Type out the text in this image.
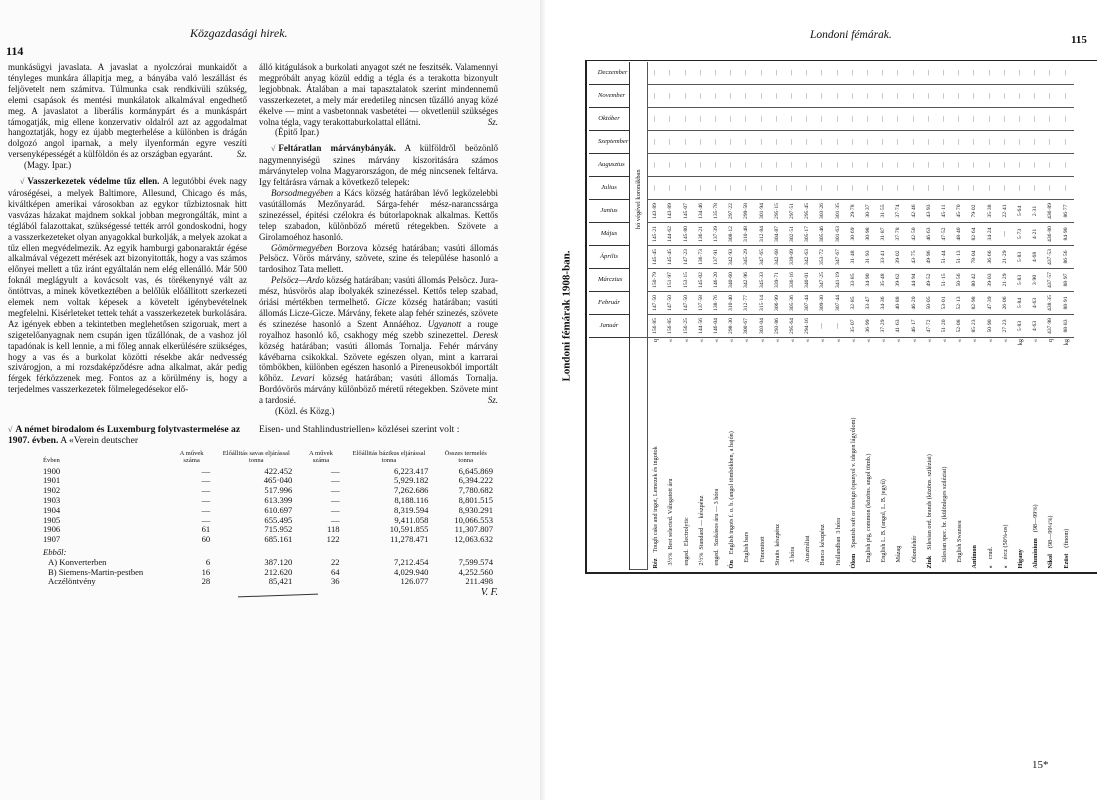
Közgazdasági hirek.
114

munkásügyi javaslata. A javaslat a nyolczórai munkaidőt a tényleges munkára állapitja meg, a bányába való leszállást és feljövetelt nem számitva. Túlmunka csak rendkivüli szükség, elemi csapások és mentési munkálatok alkalmával engedhető meg. A javaslatot a liberális kormánypárt és a munkáspárt támogatják, mig ellene konzervativ oldalról azt az aggodalmat hangoztatják, hogy ez újabb megterhelése a különben is drágán dolgozó angol iparnak, a mely ilyenformán egyre veszíti versenyképességét a külföldön és az országban egyaránt.	Sz.

(Magy. Ipar.)

√ Vasszerkezetek védelme tűz ellen. A legutóbbi évek nagy városégései, a melyek Baltimore, Allesund, Chicago és más, kiváltképen amerikai városokban az egykor tűzbiztosnak hitt vasvázas házakat majdnem sokkal jobban megrongálták, mint a téglából falazottakat, szükségessé tették arról gondoskodni, hogy a vasszerkezeteket olyan anyagokkal burkolják, a melyek azokat a tűz ellen megvédelmezik. Az egyik hamburgi gabonaraktár égése alkalmával végezett mérések azt bizonyitották, hogy a vas számos előnyei mellett a tűz iránt egyáltalán nem elég ellenálló. Már 500 foknál meglágyult a kovácsolt vas, és törékenynyé vált az öntöttvas, a minek következtében a belőlük előállitott szerkezeti elemek nem voltak képesek a követelt igénybevételnek megfelelni. Kisérleteket tettek tehát a vasszerkezetek burkolására. Az igények ebben a tekintetben meglehetősen szigoruak, mert a szigetelőanyagnak nem csupán igen tűzállónak, de a vashoz jól tapadónak is kell lennie, a mi főleg annak elkerülésére szükséges, hogy a vas és a burkolat közötti résekbe akár nedvesség szivárogjon, a mi rozsdaképződésre adna alkalmat, akár pedig férgek férközzenek meg. Fontos az a körülmény is, hogy a terjedelmes vasszerkezetek fölmelegedésekor elő-

álló kitágulások a burkolati anyagot szét ne feszitsék. Valamennyi megpróbált anyag közül eddig a tégla és a terakotta bizonyult legjobbnak. Átalában a mai tapasztalatok szerint mindennemű vasszerkezetet, a mely már eredetileg nincsen tűzálló anyag közé ékelve — mint a vasbetonnak vasbetétei — okvetlenül szükséges volna tégla, vagy terakottaburkolattal ellátni.	Sz.

(Épitő Ipar.)

√ Feltáratlan márványbányák. A külföldről beözönlő nagymennyiségü szines márvány kiszoritására számos márványtelep volna Magyarországon, de még nincsenek feltárva. Igy feltárásra várnak a következő telepek:

Borsodmegyében a Kács község határában lévő legközelebbi vasútállomás Mezőnyarád. Sárga-fehér mész-narancssárga szinezéssel, épitési czélokra és bútorlapoknak alkalmas. Kettős telep szabadon, különböző méretű rétegekben. Szövete a Girolamoéhoz hasonló.

Gömörmegyében Borzova község határában; vasúti állomás Pelsöcz. Vörös márvány, szövete, szine és települése hasonló a tardosihoz Tata mellett.

Pelsöcz—Ardo község határában; vasúti állomás Pelsöcz. Jura-mész, húsvörös alap ibolyakék szinezéssel. Kettős telep szabad, óriási mértékben termelhető. Gicze község határában; vasúti állomás Licze-Gicze. Márvány, fekete alap fehér szinezés, szövete és szinezése hasonló a Szent Annáéhoz. Ugyanott a rouge royalhoz hasonló kő, csakhogy még szebb szinezettel. Deresk község határában; vasúti állomás Tornalja. Fehér márvány kávébarna csikokkal. Szövete egészen olyan, mint a karrarai tömbökben, különben egészen hasonló a Pireneusokból importált kőhöz. Levari község határában; vasúti állomás Tornalja. Bordóvörös márvány különböző méretű rétegekben. Szövete mint a tardosié.	Sz.

(Közl. és Közg.)

√ A német birodalom és Luxemburg folytvastermelése az 1907. évben. A «Verein deutscher
Eisen- und Stahlindustriellen» közlései szerint volt :
Évben	A művek száma	Előállitás savas eljárással tonna	A művek száma	Előállitás bázikus eljárással tonna	Összes termelés tonna
1900	—	422.452	—	6,223.417	6,645.869
1901	—	465·040	—	5,929.182	6,394.222
1902	—	517.996	—	7,262.686	7,780.682
1903	—	613.399	—	8,188.116	8,801.515
1904	—	610.697	—	8,319.594	8,930.291
1905	—	655.495	—	9,411.058	10,066.553
1906	61	715.952	118	10,591.855	11,307.807
1907	60	685.161	122	11,278.471	12,063.632
Ebből:					
A) Konverterben	6	387.120	22	7,212.454	7,599.574
B) Siemens-Martin-pestben	16	212.620	64	4,029.940	4,252.560
Aczélöntvény	28	85,421	36	126.077	211.498
V. F.
Londoni fémárak.	115
Londoni fémárak 1908-ban.

	Január	Február	Márczius	Április	Május	Junius	Julius	Augusztus	Szeptember	Október	November	Deczember

	hó végével koronákban											

q
RézTough cake and ingot, Lemezek és ingotok	156·85	147·50	150·79	145·45	145·21	143·89	—	—	—	—	—	—

«
3½%Best selected. Válogatott áru	156·85	147·50	151·97	145·45	144·62	143·89	—	—	—	—	—	—

«
enged.Electrolytic	156·25	147·50	153·15	147·23	145·80	145·07	—	—	—	—	—	—

«
2½%Standard — készpénz	144·56	137·58	145·02	136·73	136·21	134·46	—	—	—	—	—	—

«
enged.Szokásos áru — 3 hóra	146·04	138·76	146·20	137·91	137·39	135·78	—	—	—	—	—	—

«
ÓnEnglish ingots f. o. b. (angol tömbökben, a hajón)	298·30	310·40	340·60	342·93	308·12	297·22	—	—	—	—	—	—

«
English bars	300·67	312·77	342·96	345·29	310·48	299·58	—	—	—	—	—	—

«
Finomitott	303·04	315·14	345·33	347·65	312·84	301·94	—	—	—	—	—	—

«
Straitskészpénz	293·86	306·99	339·71	342·68	304·87	295·15	—	—	—	—	—	—

«
3 hóra	295·64	305·36	336·16	339·09	302·51	297·51	—	—	—	—	—	—

«
Ausztráliai	294·16	307·44	340·01	342·63	305·17	295·45	—	—	—	—	—	—

«
Bancakészpénz	—	309·30	347·25	353·72	305·46	303·26	—	—	—	—	—	—

«
Hollandban3 hóra	—	307·44	341·19	347·67	301·63	301·35	—	—	—	—	—	—

«
ÓlomSpanish soft or foreign (spanyol v. idegen lágyólom)	35·07	32·85	33·85	31·48	30·69	29·78	—	—	—	—	—	—

«
English pig, common (közöns. angol tömb.)	36·99	33·47	34·90	31·93	30·98	30·37	—	—	—	—	—	—

«
English L. B. (angol, L. B. jegyű)	37·29	34·36	35·48	33·41	31·87	31·55	—	—	—	—	—	—

«
Mázag	41·63	40·88	39·62	39·02	37·78	37·74	—	—	—	—	—	—

«
Ólomfehér	46·17	46·20	44·94	43·75	42·50	42·46	—	—	—	—	—	—

«
ZinkSilesian ord. brands (közöns. sziléziai)	47·72	50·05	49·52	49·96	46·63	43·93	—	—	—	—	—	—

«
Silesian spec. br. (különleges sziléziai)	51·20	53·01	51·15	51·44	47·52	45·11	—	—	—	—	—	—

«
English Swansea	52·08	52·13	50·56	51·13	48·40	45·70	—	—	—	—	—	—

«
Antimon	85·23	82·98	80·42	78·04	82·64	79·02	—	—	—	—	—	—

«
«crud.	50·90	47·39	39·03	36·66	34·24	35·38	—	—	—	—	—	—

«
«ércz (50%-os)	27·23	26·06	21·29	21·29	—	22·41	—	—	—	—	—	—

kg
Higany	5·83	5·84	5·83	5·83	5·73	5·64	—	—	—	—	—	—

«
Aluminium(98—99%)	4·63	4·63	3·90	4·68	4·21	2·31	—	—	—	—	—	—

q
Nikol(98—99¼%)	437·98	438·35	437·57	437·53	436·80	436·89	—	—	—	—	—	—

kg
Ezüst(finom)	88·83	88·91	88·97	86·56	84·90	86·77	—	—	—	—	—	—
15*
